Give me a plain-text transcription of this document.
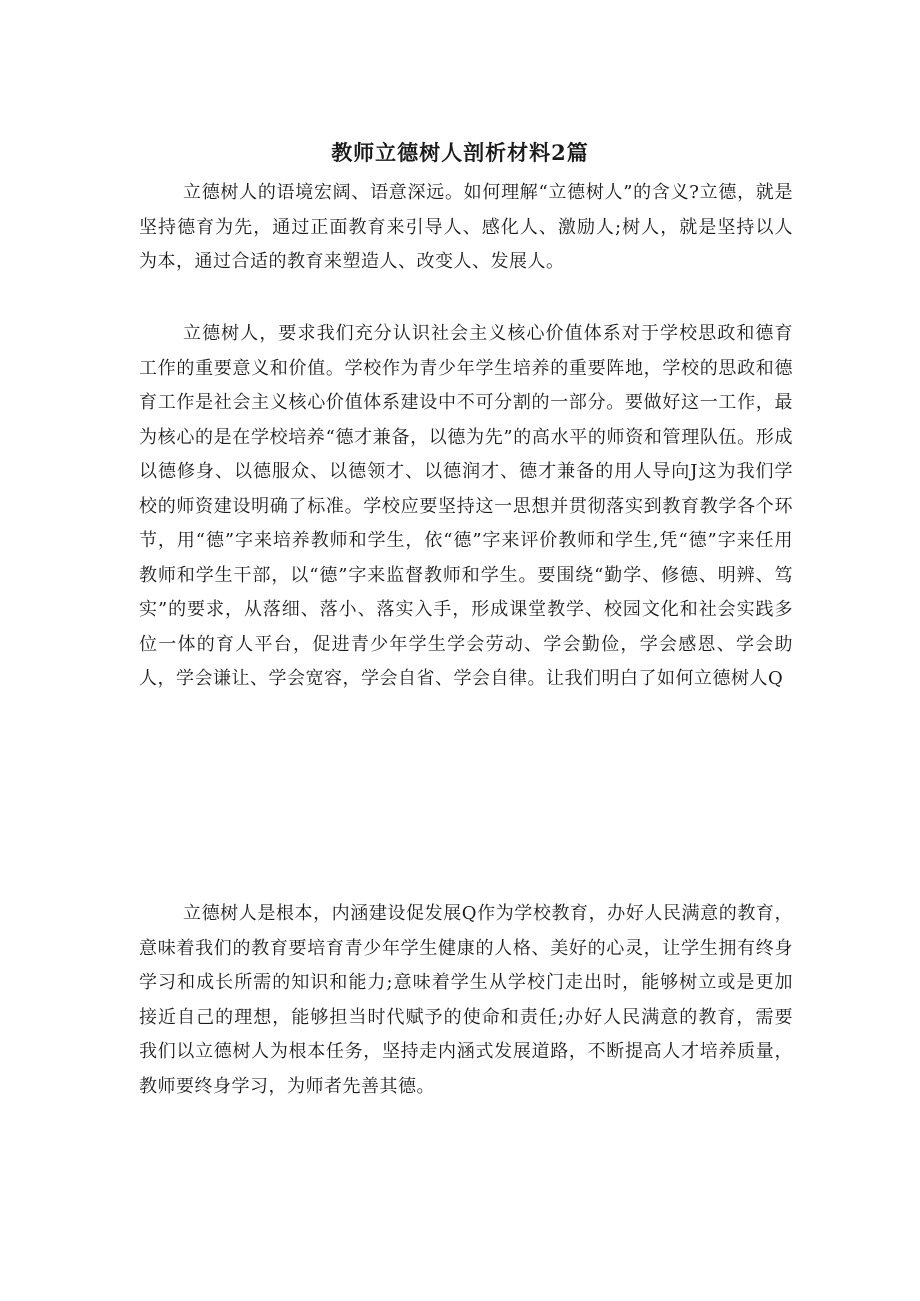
教师立德树人剖析材料2篇

立德树人的语境宏阔、语意深远。如何理解“立德树人”的含义?立德，就是坚持德育为先，通过正面教育来引导人、感化人、激励人;树人，就是坚持以人为本，通过合适的教育来塑造人、改变人、发展人。

立德树人，要求我们充分认识社会主义核心价值体系对于学校思政和德育工作的重要意义和价值。学校作为青少年学生培养的重要阵地，学校的思政和德育工作是社会主义核心价值体系建设中不可分割的一部分。要做好这一工作，最为核心的是在学校培养“德才兼备，以德为先”的高水平的师资和管理队伍。形成以德修身、以德服众、以德领才、以德润才、德才兼备的用人导向J这为我们学校的师资建设明确了标准。学校应要坚持这一思想并贯彻落实到教育教学各个环节，用“德”字来培养教师和学生，依“德”字来评价教师和学生,凭“德”字来任用教师和学生干部，以“德”字来监督教师和学生。要围绕“勤学、修德、明辨、笃实”的要求，从落细、落小、落实入手，形成课堂教学、校园文化和社会实践多位一体的育人平台，促进青少年学生学会劳动、学会勤俭，学会感恩、学会助人，学会谦让、学会宽容，学会自省、学会自律。让我们明白了如何立德树人Q

立德树人是根本，内涵建设促发展Q作为学校教育，办好人民满意的教育，意味着我们的教育要培育青少年学生健康的人格、美好的心灵，让学生拥有终身学习和成长所需的知识和能力;意味着学生从学校门走出时，能够树立或是更加接近自己的理想，能够担当时代赋予的使命和责任;办好人民满意的教育，需要我们以立德树人为根本任务，坚持走内涵式发展道路，不断提高人才培养质量，教师要终身学习，为师者先善其德。
